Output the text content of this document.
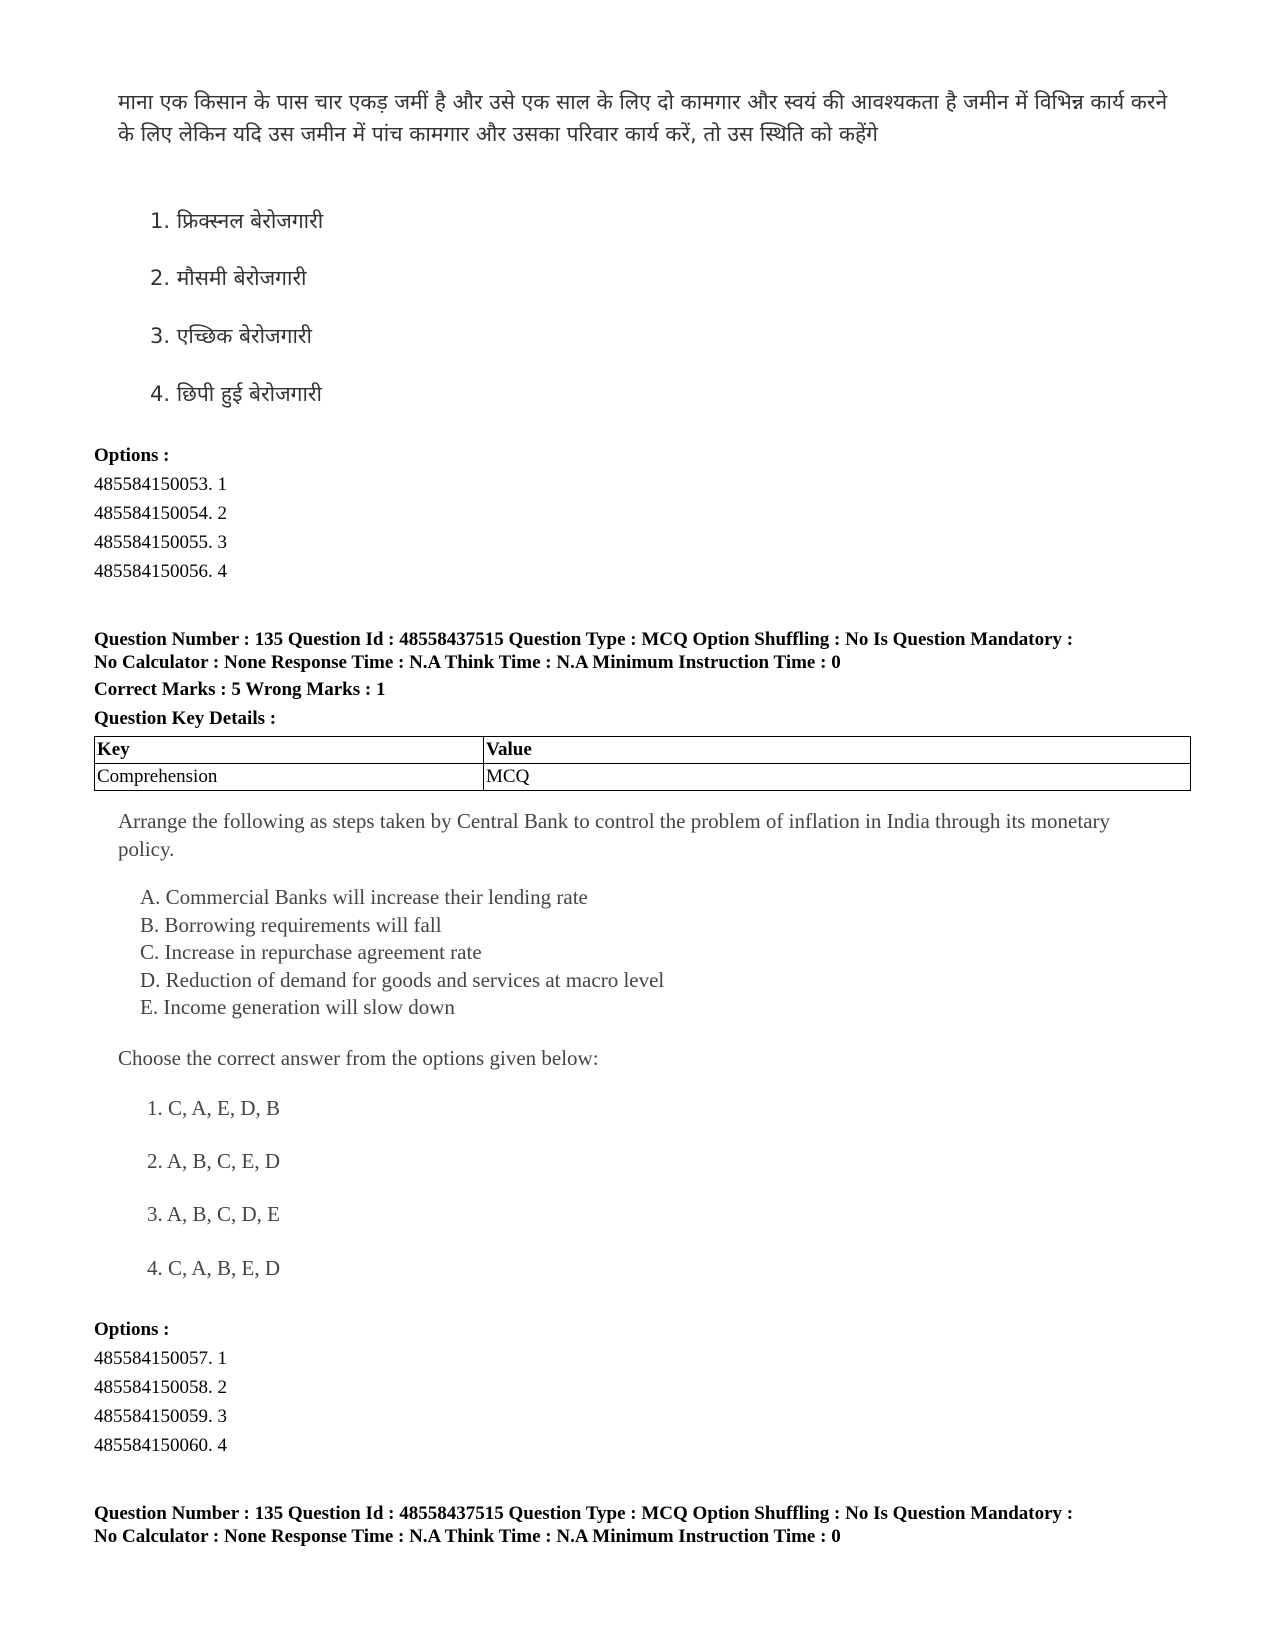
माना एक किसान के पास चार एकड़ जमीं है और उसे एक साल के लिए दो कामगार और स्वयं की आवश्यकता है जमीन में विभिन्न कार्य करने के लिए लेकिन यदि उस जमीन में पांच कामगार और उसका परिवार कार्य करें, तो उस स्थिति को कहेंगे
1. फ्रिक्स्नल बेरोजगारी
2. मौसमी बेरोजगारी
3. एच्छिक बेरोजगारी
4. छिपी हुई बेरोजगारी
Options :
485584150053. 1
485584150054. 2
485584150055. 3
485584150056. 4
Question Number : 135 Question Id : 48558437515 Question Type : MCQ Option Shuffling : No Is Question Mandatory :
No Calculator : None Response Time : N.A Think Time : N.A Minimum Instruction Time : 0
Correct Marks : 5 Wrong Marks : 1
Question Key Details :
Key	Value
Comprehension	MCQ
Arrange the following as steps taken by Central Bank to control the problem of inflation in India through its monetary policy.
A. Commercial Banks will increase their lending rate
B. Borrowing requirements will fall
C. Increase in repurchase agreement rate
D. Reduction of demand for goods and services at macro level
E. Income generation will slow down
Choose the correct answer from the options given below:
1. C, A, E, D, B
2. A, B, C, E, D
3. A, B, C, D, E
4. C, A, B, E, D
Options :
485584150057. 1
485584150058. 2
485584150059. 3
485584150060. 4
Question Number : 135 Question Id : 48558437515 Question Type : MCQ Option Shuffling : No Is Question Mandatory :
No Calculator : None Response Time : N.A Think Time : N.A Minimum Instruction Time : 0
